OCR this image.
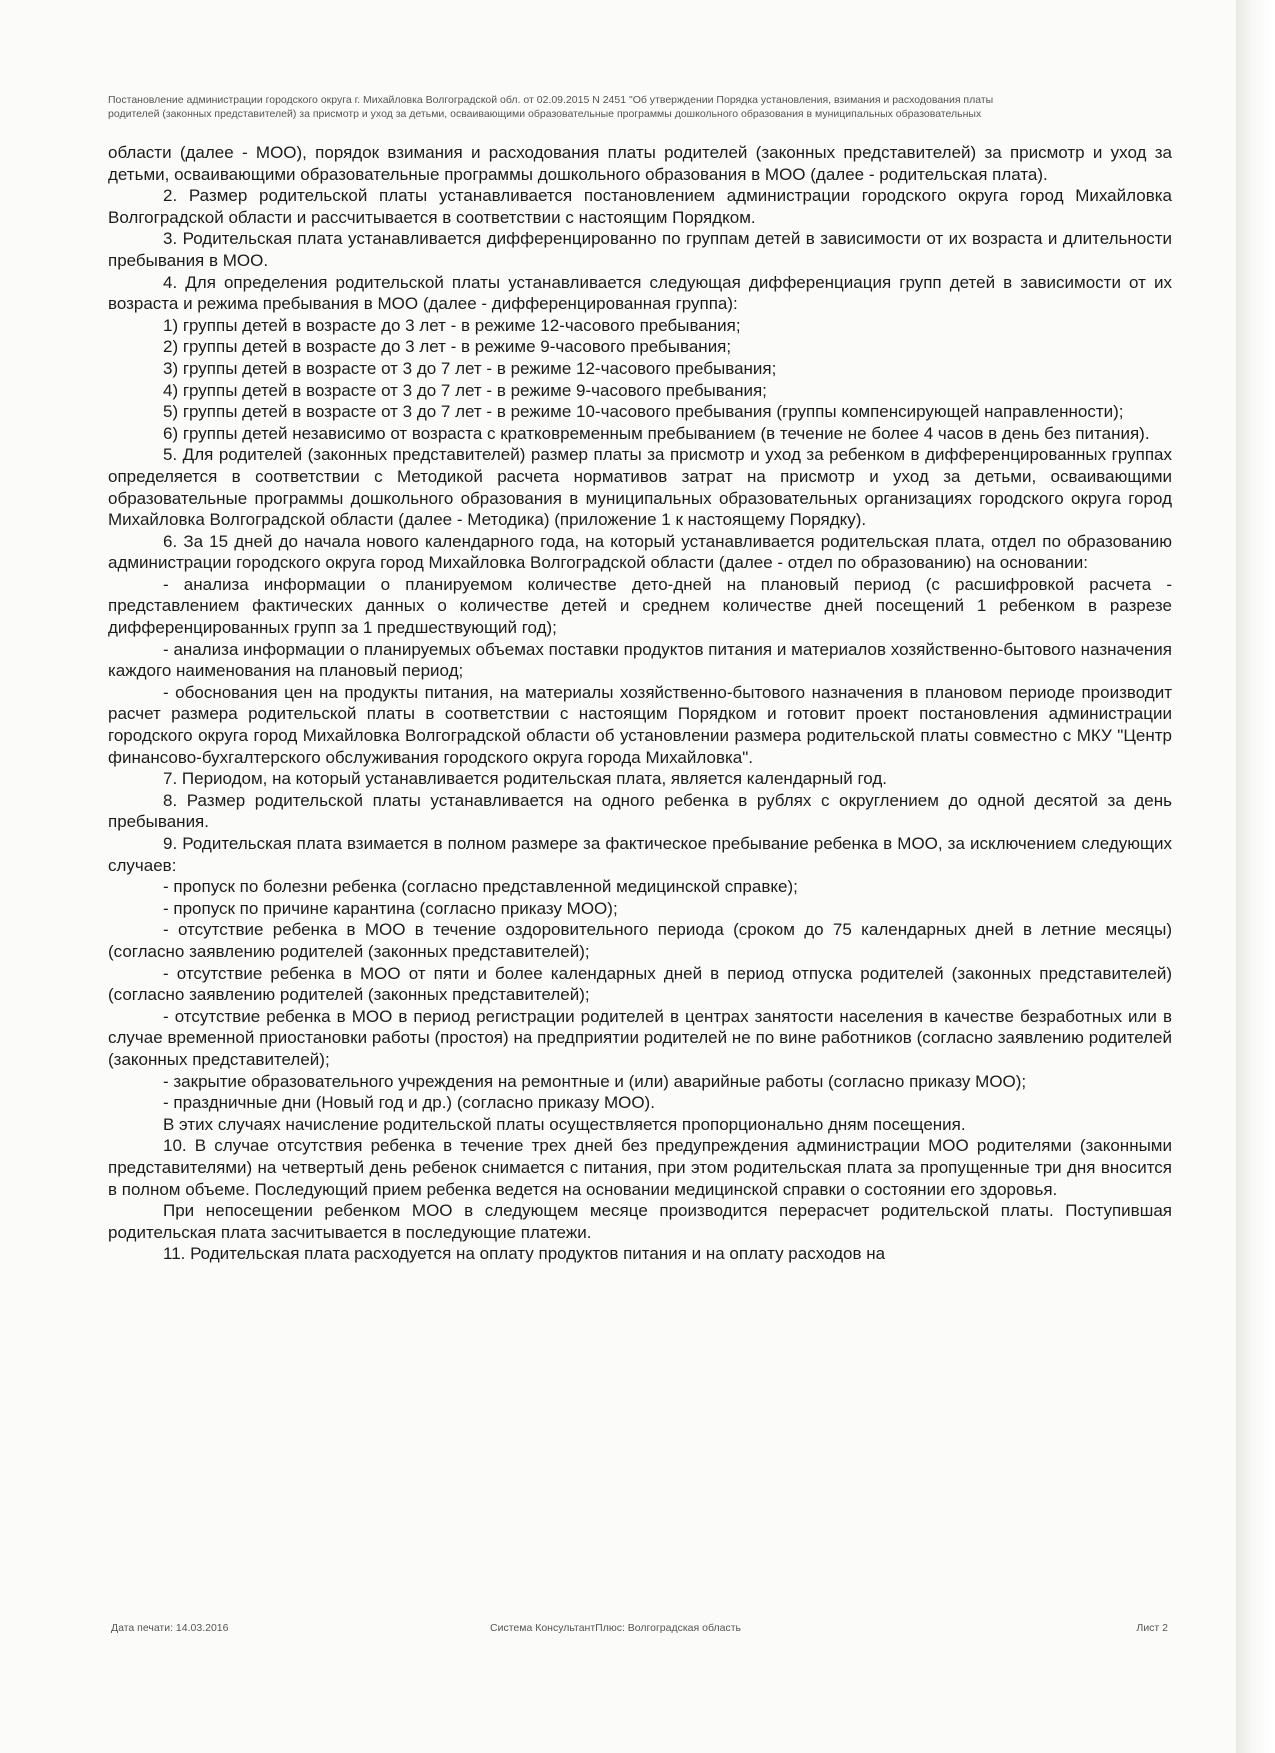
Постановление администрации городского округа г. Михайловка Волгоградской обл. от 02.09.2015 N 2451 "Об утверждении Порядка установления, взимания и расходования платы
родителей (законных представителей) за присмотр и уход за детьми, осваивающими образовательные программы дошкольного образования в муниципальных образовательных

области (далее - МОО), порядок взимания и расходования платы родителей (законных представителей) за присмотр и уход за детьми, осваивающими образовательные программы дошкольного образования в МОО (далее - родительская плата).

2. Размер родительской платы устанавливается постановлением администрации городского округа город Михайловка Волгоградской области и рассчитывается в соответствии с настоящим Порядком.

3. Родительская плата устанавливается дифференцированно по группам детей в зависимости от их возраста и длительности пребывания в МОО.

4. Для определения родительской платы устанавливается следующая дифференциация групп детей в зависимости от их возраста и режима пребывания в МОО (далее - дифференцированная группа):

1) группы детей в возрасте до 3 лет - в режиме 12-часового пребывания;

2) группы детей в возрасте до 3 лет - в режиме 9-часового пребывания;

3) группы детей в возрасте от 3 до 7 лет - в режиме 12-часового пребывания;

4) группы детей в возрасте от 3 до 7 лет - в режиме 9-часового пребывания;

5) группы детей в возрасте от 3 до 7 лет - в режиме 10-часового пребывания (группы компенсирующей направленности);

6) группы детей независимо от возраста с кратковременным пребыванием (в течение не более 4 часов в день без питания).

5. Для родителей (законных представителей) размер платы за присмотр и уход за ребенком в дифференцированных группах определяется в соответствии с Методикой расчета нормативов затрат на присмотр и уход за детьми, осваивающими образовательные программы дошкольного образования в муниципальных образовательных организациях городского округа город Михайловка Волгоградской области (далее - Методика) (приложение 1 к настоящему Порядку).

6. За 15 дней до начала нового календарного года, на который устанавливается родительская плата, отдел по образованию администрации городского округа город Михайловка Волгоградской области (далее - отдел по образованию) на основании:

- анализа информации о планируемом количестве дето-дней на плановый период (с расшифровкой расчета - представлением фактических данных о количестве детей и среднем количестве дней посещений 1 ребенком в разрезе дифференцированных групп за 1 предшествующий год);

- анализа информации о планируемых объемах поставки продуктов питания и материалов хозяйственно-бытового назначения каждого наименования на плановый период;

- обоснования цен на продукты питания, на материалы хозяйственно-бытового назначения в плановом периоде производит расчет размера родительской платы в соответствии с настоящим Порядком и готовит проект постановления администрации городского округа город Михайловка Волгоградской области об установлении размера родительской платы совместно с МКУ "Центр финансово-бухгалтерского обслуживания городского округа города Михайловка".

7. Периодом, на который устанавливается родительская плата, является календарный год.

8. Размер родительской платы устанавливается на одного ребенка в рублях с округлением до одной десятой за день пребывания.

9. Родительская плата взимается в полном размере за фактическое пребывание ребенка в МОО, за исключением следующих случаев:

- пропуск по болезни ребенка (согласно представленной медицинской справке);

- пропуск по причине карантина (согласно приказу МОО);

- отсутствие ребенка в МОО в течение оздоровительного периода (сроком до 75 календарных дней в летние месяцы) (согласно заявлению родителей (законных представителей);

- отсутствие ребенка в МОО от пяти и более календарных дней в период отпуска родителей (законных представителей) (согласно заявлению родителей (законных представителей);

- отсутствие ребенка в МОО в период регистрации родителей в центрах занятости населения в качестве безработных или в случае временной приостановки работы (простоя) на предприятии родителей не по вине работников (согласно заявлению родителей (законных представителей);

- закрытие образовательного учреждения на ремонтные и (или) аварийные работы (согласно приказу МОО);

- праздничные дни (Новый год и др.) (согласно приказу МОО).

В этих случаях начисление родительской платы осуществляется пропорционально дням посещения.

10. В случае отсутствия ребенка в течение трех дней без предупреждения администрации МОО родителями (законными представителями) на четвертый день ребенок снимается с питания, при этом родительская плата за пропущенные три дня вносится в полном объеме. Последующий прием ребенка ведется на основании медицинской справки о состоянии его здоровья.

При непосещении ребенком МОО в следующем месяце производится перерасчет родительской платы. Поступившая родительская плата засчитывается в последующие платежи.

11. Родительская плата расходуется на оплату продуктов питания и на оплату расходов на

Дата печати: 14.03.2016	Система КонсультантПлюс: Волгоградская область	Лист 2
